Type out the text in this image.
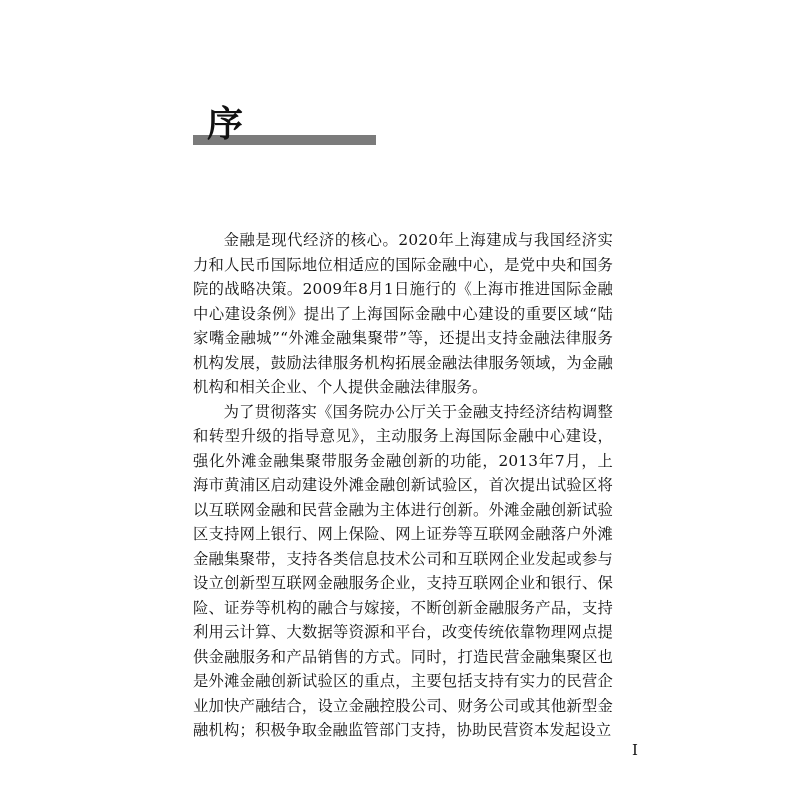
序

金融是现代经济的核心。2020年上海建成与我国经济实力和人民币国际地位相适应的国际金融中心，是党中央和国务院的战略决策。2009年8月1日施行的《上海市推进国际金融中心建设条例》提出了上海国际金融中心建设的重要区域“陆家嘴金融城”“外滩金融集聚带”等，还提出支持金融法律服务机构发展，鼓励法律服务机构拓展金融法律服务领域，为金融机构和相关企业、个人提供金融法律服务。

为了贯彻落实《国务院办公厅关于金融支持经济结构调整和转型升级的指导意见》，主动服务上海国际金融中心建设，强化外滩金融集聚带服务金融创新的功能，2013年7月，上海市黄浦区启动建设外滩金融创新试验区，首次提出试验区将以互联网金融和民营金融为主体进行创新。外滩金融创新试验区支持网上银行、网上保险、网上证券等互联网金融落户外滩金融集聚带，支持各类信息技术公司和互联网企业发起或参与设立创新型互联网金融服务企业，支持互联网企业和银行、保险、证券等机构的融合与嫁接，不断创新金融服务产品，支持利用云计算、大数据等资源和平台，改变传统依靠物理网点提供金融服务和产品销售的方式。同时，打造民营金融集聚区也是外滩金融创新试验区的重点，主要包括支持有实力的民营企业加快产融结合，设立金融控股公司、财务公司或其他新型金融机构；积极争取金融监管部门支持，协助民营资本发起设立

I
